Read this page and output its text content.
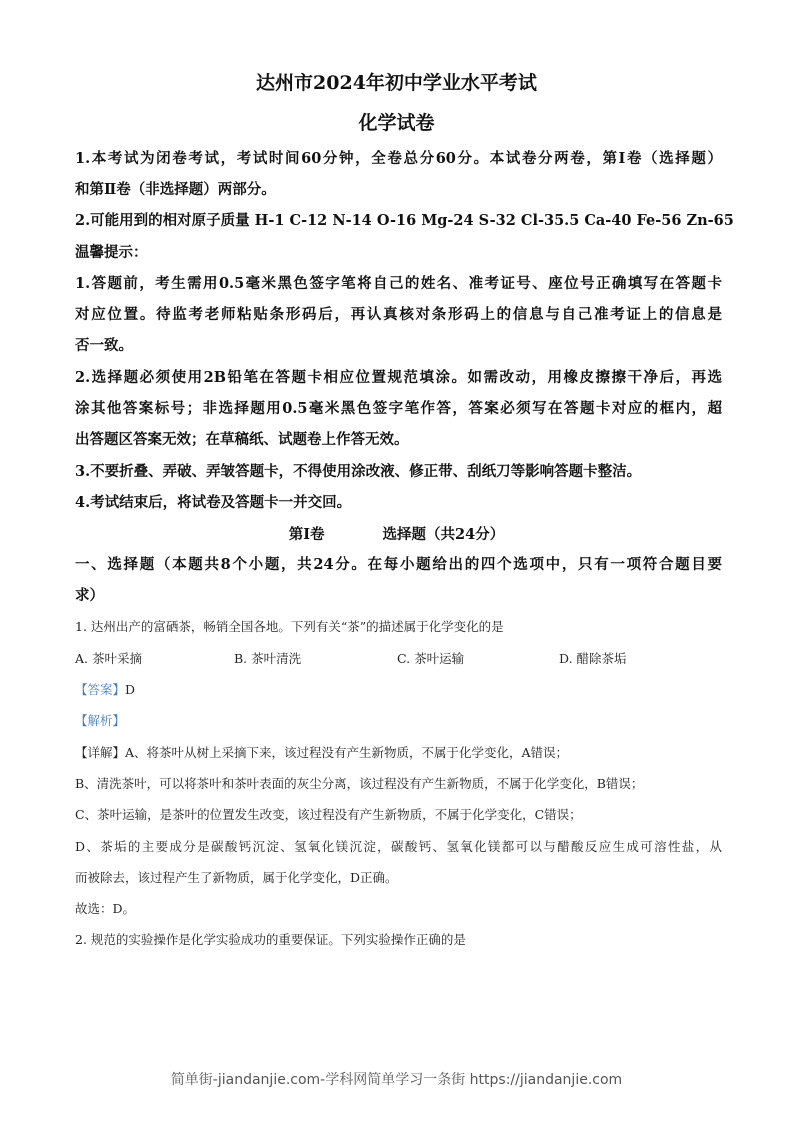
达州市2024年初中学业水平考试
化学试卷
1.本考试为闭卷考试，考试时间60分钟，全卷总分60分。本试卷分两卷，第I卷（选择题）
和第Ⅱ卷（非选择题）两部分。
2.可能用到的相对原子质量 H-1 C-12 N-14 O-16 Mg-24 S-32 Cl-35.5 Ca-40 Fe-56 Zn-65
温馨提示：
1.答题前，考生需用0.5毫米黑色签字笔将自己的姓名、准考证号、座位号正确填写在答题卡
对应位置。待监考老师粘贴条形码后，再认真核对条形码上的信息与自己准考证上的信息是
否一致。
2.选择题必须使用2B铅笔在答题卡相应位置规范填涂。如需改动，用橡皮擦擦干净后，再选
涂其他答案标号；非选择题用0.5毫米黑色签字笔作答，答案必须写在答题卡对应的框内，超
出答题区答案无效；在草稿纸、试题卷上作答无效。
3.不要折叠、弄破、弄皱答题卡，不得使用涂改液、修正带、刮纸刀等影响答题卡整洁。
4.考试结束后，将试卷及答题卡一并交回。
第I卷　　　　选择题（共24分）
一、选择题（本题共8个小题，共24分。在每小题给出的四个选项中，只有一项符合题目要
求）
1. 达州出产的富硒茶，畅销全国各地。下列有关“茶”的描述属于化学变化的是
A. 茶叶采摘	B. 茶叶清洗	C. 茶叶运输	D. 醋除茶垢
【答案】D
【解析】
【详解】A、将茶叶从树上采摘下来，该过程没有产生新物质，不属于化学变化，A错误；
B、清洗茶叶，可以将茶叶和茶叶表面的灰尘分离，该过程没有产生新物质，不属于化学变化，B错误；
C、茶叶运输，是茶叶的位置发生改变，该过程没有产生新物质，不属于化学变化，C错误；
D、茶垢的主要成分是碳酸钙沉淀、氢氧化镁沉淀，碳酸钙、氢氧化镁都可以与醋酸反应生成可溶性盐，从
而被除去，该过程产生了新物质，属于化学变化，D正确。
故选：D。
2. 规范的实验操作是化学实验成功的重要保证。下列实验操作正确的是
简单街-jiandanjie.com-学科网简单学习一条街 https://jiandanjie.com
